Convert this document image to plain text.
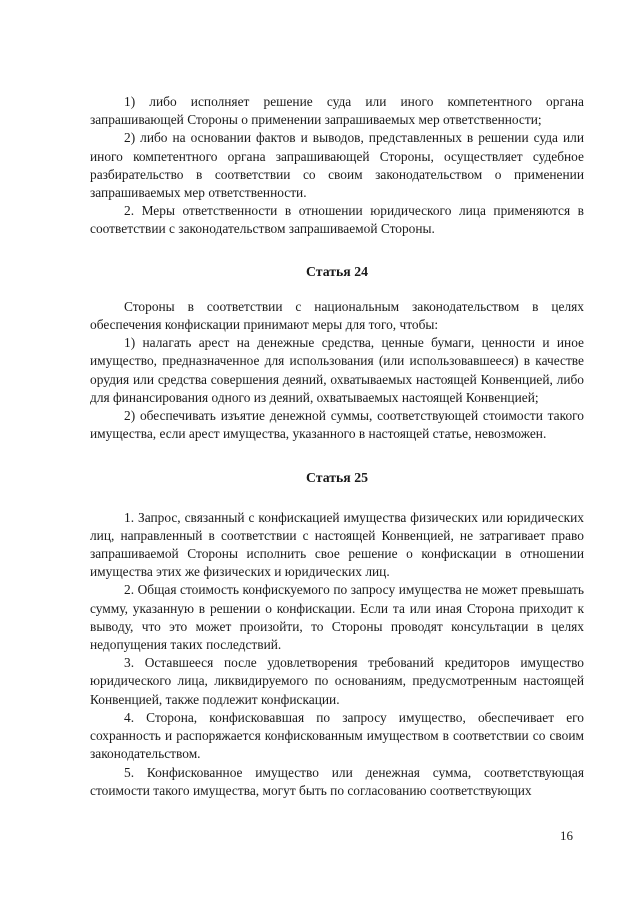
1) либо исполняет решение суда или иного компетентного органа запрашивающей Стороны о применении запрашиваемых мер ответственности;

2) либо на основании фактов и выводов, представленных в решении суда или иного компетентного органа запрашивающей Стороны, осуществляет судебное разбирательство в соответствии со своим законодательством о применении запрашиваемых мер ответственности.

2. Меры ответственности в отношении юридического лица применяются в соответствии с законодательством запрашиваемой Стороны.

Статья 24

Стороны в соответствии с национальным законодательством в целях обеспечения конфискации принимают меры для того, чтобы:

1) налагать арест на денежные средства, ценные бумаги, ценности и иное имущество, предназначенное для использования (или использовавшееся) в качестве орудия или средства совершения деяний, охватываемых настоящей Конвенцией, либо для финансирования одного из деяний, охватываемых настоящей Конвенцией;

2) обеспечивать изъятие денежной суммы, соответствующей стоимости такого имущества, если арест имущества, указанного в настоящей статье, невозможен.

Статья 25

1. Запрос, связанный с конфискацией имущества физических или юридических лиц, направленный в соответствии с настоящей Конвенцией, не затрагивает право запрашиваемой Стороны исполнить свое решение о конфискации в отношении имущества этих же физических и юридических лиц.

2. Общая стоимость конфискуемого по запросу имущества не может превышать сумму, указанную в решении о конфискации. Если та или иная Сторона приходит к выводу, что это может произойти, то Стороны проводят консультации в целях недопущения таких последствий.

3. Оставшееся после удовлетворения требований кредиторов имущество юридического лица, ликвидируемого по основаниям, предусмотренным настоящей Конвенцией, также подлежит конфискации.

4. Сторона, конфисковавшая по запросу имущество, обеспечивает его сохранность и распоряжается конфискованным имуществом в соответствии со своим законодательством.

5. Конфискованное имущество или денежная сумма, соответствующая стоимости такого имущества, могут быть по согласованию соответствующих

16
